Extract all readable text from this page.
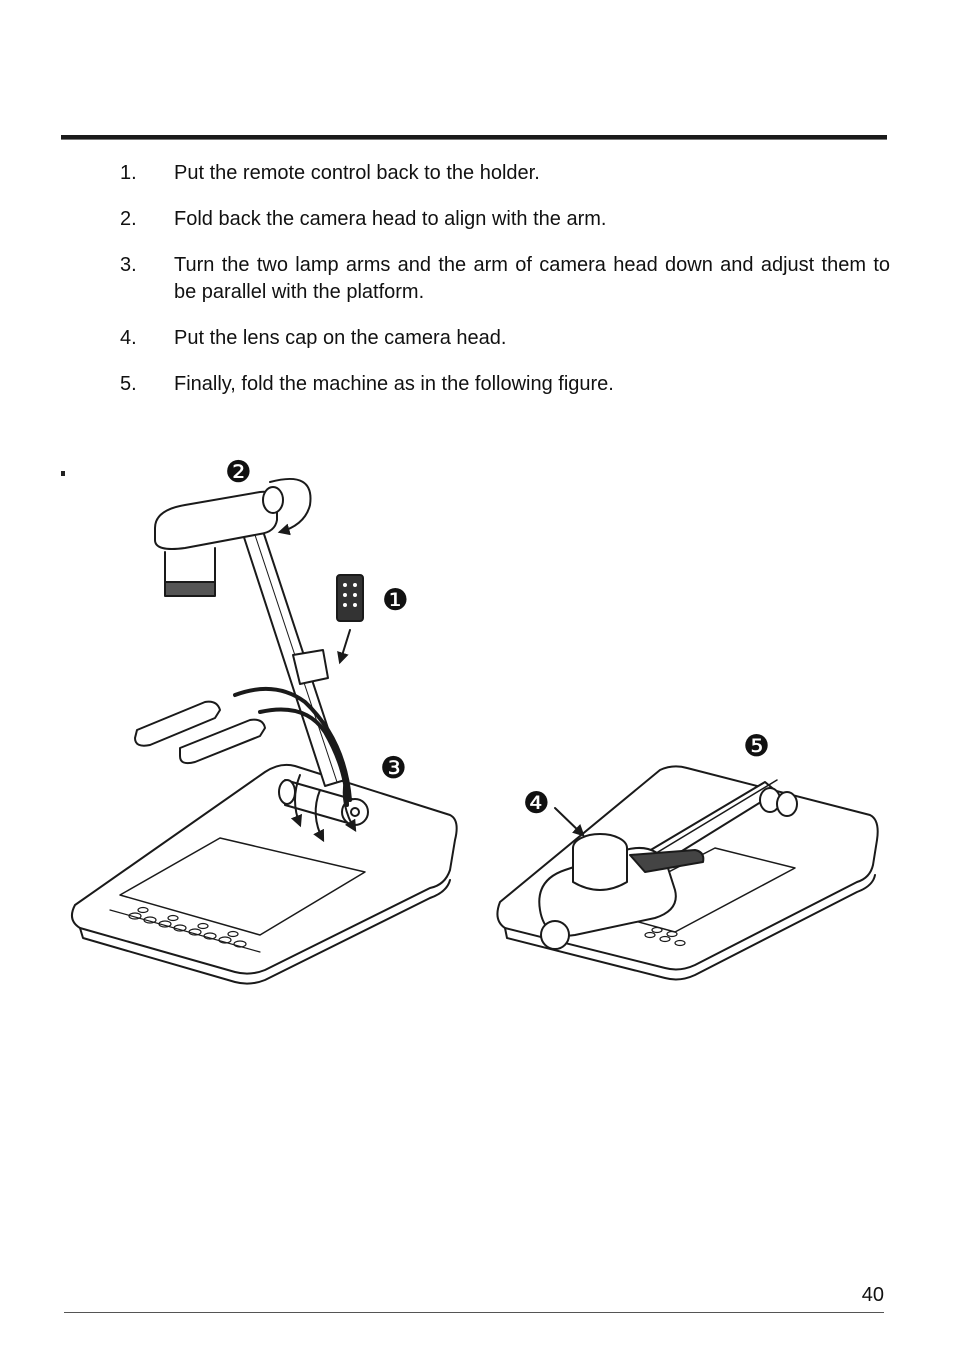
1.	Put the remote control back to the holder.
2.	Fold back the camera head to align with the arm.
3.	Turn the two lamp arms and the arm of camera head down and adjust them to be parallel with the platform.
4.	Put the lens cap on the camera head.
5.	Finally, fold the machine as in the following figure.
❶
❷
❸
❹
❺
40
